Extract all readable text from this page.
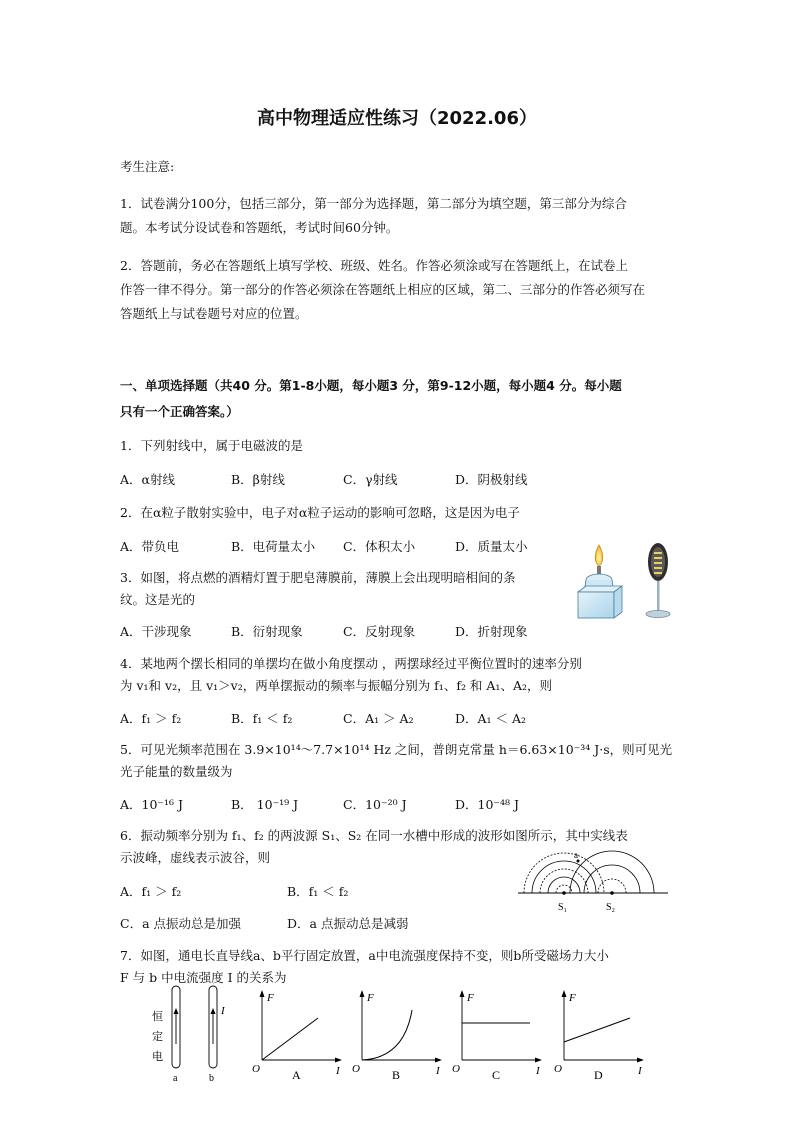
高中物理适应性练习（2022.06）
考生注意:
1．试卷满分100分，包括三部分，第一部分为选择题，第二部分为填空题，第三部分为综合
题。本考试分设试卷和答题纸，考试时间60分钟。
2．答题前，务必在答题纸上填写学校、班级、姓名。作答必须涂或写在答题纸上，在试卷上
作答一律不得分。第一部分的作答必须涂在答题纸上相应的区域，第二、三部分的作答必须写在
答题纸上与试卷题号对应的位置。
一、单项选择题（共40 分。第1-8小题，每小题3 分，第9-12小题，每小题4 分。每小题
只有一个正确答案。）
1．下列射线中，属于电磁波的是
A．α射线	B．β射线	C．γ射线	D．阴极射线
2．在α粒子散射实验中，电子对α粒子运动的影响可忽略，这是因为电子
A．带负电	B．电荷量太小 C．体积太小	D．质量太小
3．如图，将点燃的酒精灯置于肥皂薄膜前，薄膜上会出现明暗相间的条
纹。这是光的
A．干涉现象	B．衍射现象	C．反射现象	D．折射现象
4．某地两个摆长相同的单摆均在做小角度摆动 ，两摆球经过平衡位置时的速率分别
为 v₁和 v₂，且 v₁＞v₂，两单摆振动的频率与振幅分别为 f₁、f₂ 和 A₁、A₂，则
A．f₁ ＞ f₂	B．f₁ ＜ f₂	C．A₁ ＞ A₂	D．A₁ ＜ A₂
5．可见光频率范围在 3.9×10¹⁴～7.7×10¹⁴ Hz 之间，普朗克常量 h＝6.63×10⁻³⁴ J·s，则可见光
光子能量的数量级为
A．10⁻¹⁶ J	B． 10⁻¹⁹ J	C．10⁻²⁰ J	D．10⁻⁴⁸ J
6．振动频率分别为 f₁、f₂ 的两波源 S₁、S₂ 在同一水槽中形成的波形如图所示，其中实线表
示波峰，虚线表示波谷，则
A．f₁ ＞ f₂	B．f₁ ＜ f₂
C．a 点振动总是加强	D．a 点振动总是减弱
a
S₁	S₂
7．如图，通电长直导线a、b平行固定放置，a中电流强度保持不变，则b所受磁场力大小
F 与 b 中电流强度 I 的关系为
恒
定
电
I
a	b
F
O	I
A
F
O	I
B
F
O	I
C
F
O	I
D
